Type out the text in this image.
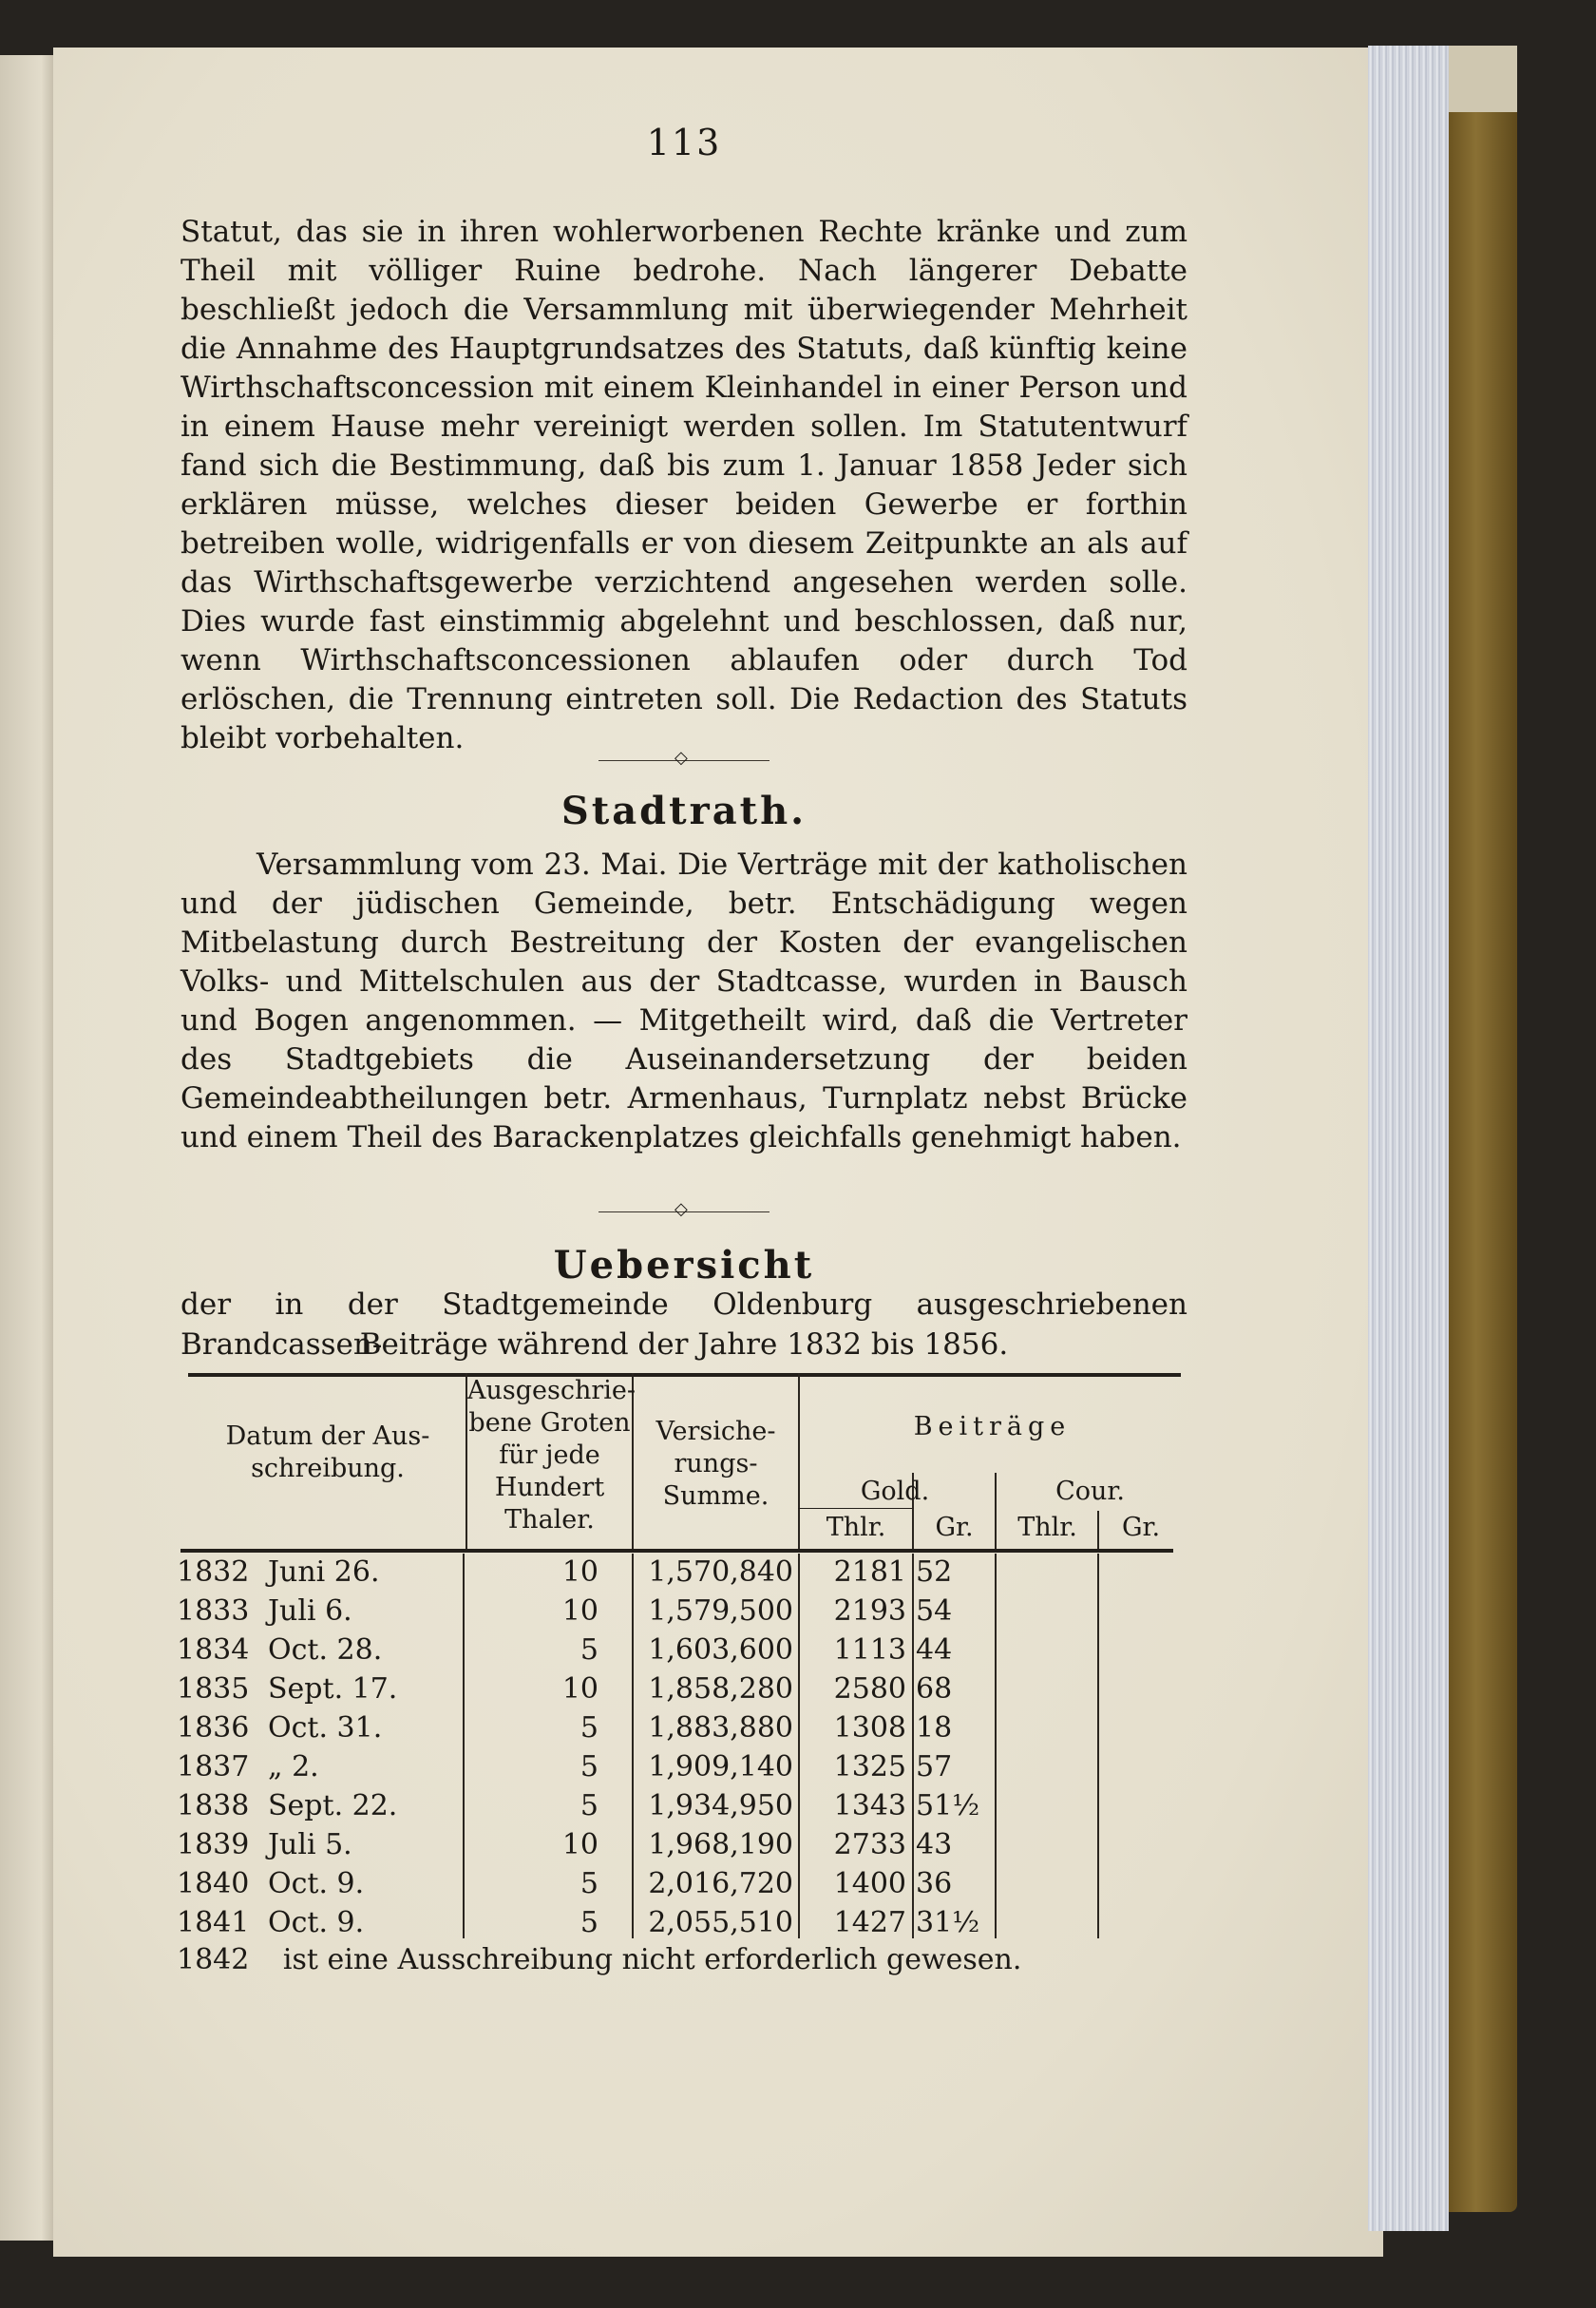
113

Statut, das sie in ihren wohlerworbenen Rechte kränke und zum Theil mit völliger Ruine bedrohe. Nach längerer Debatte beschließt jedoch die Versammlung mit überwiegender Mehrheit die Annahme des Hauptgrundsatzes des Statuts, daß künftig keine Wirthschaftsconcession mit einem Kleinhandel in einer Person und in einem Hause mehr vereinigt werden sollen. Im Statutentwurf fand sich die Bestimmung, daß bis zum 1. Januar 1858 Jeder sich erklären müsse, welches dieser beiden Gewerbe er forthin betreiben wolle, widrigenfalls er von diesem Zeitpunkte an als auf das Wirthschaftsgewerbe verzichtend angesehen werden solle. Dies wurde fast einstimmig abgelehnt und beschlossen, daß nur, wenn Wirthschaftsconcessionen ablaufen oder durch Tod erlöschen, die Trennung eintreten soll. Die Redaction des Statuts bleibt vorbehalten.

◇
Stadtrath.

Versammlung vom 23. Mai. Die Verträge mit der katholischen und der jüdischen Gemeinde, betr. Entschädigung wegen Mitbelastung durch Bestreitung der Kosten der evangelischen Volks- und Mittelschulen aus der Stadtcasse, wurden in Bausch und Bogen angenommen. — Mitgetheilt wird, daß die Vertreter des Stadtgebiets die Auseinandersetzung der beiden Gemeindeabtheilungen betr. Armenhaus, Turnplatz nebst Brücke und einem Theil des Barackenplatzes gleichfalls genehmigt haben.

◇
Uebersicht
der in der Stadtgemeinde Oldenburg ausgeschriebenen Brandcassen-
Beiträge während der Jahre 1832 bis 1856.
Datum der Aus-
schreibung.
Ausgeschrie-
bene Groten
für jede
Hundert
Thaler.
Versiche-
rungs-
Summe.
Beiträge
Gold.	Cour.
Thlr.	Gr.	Thlr.	Gr.
1832 Juni 26.	10	1,570,840	2181 52
1833 Juli 6.	10	1,579,500	2193 54
1834 Oct. 28.	5	1,603,600	1113 44
1835 Sept. 17.	10	1,858,280	2580 68
1836 Oct. 31.	5	1,883,880	1308 18
1837 „ 2.	5	1,909,140	1325 57
1838 Sept. 22.	5	1,934,950	1343 51½
1839 Juli 5.	10	1,968,190	2733 43
1840 Oct. 9.	5	2,016,720	1400 36
1841 Oct. 9.	5	2,055,510	1427 31½
1842 ist eine Ausschreibung nicht erforderlich gewesen.
